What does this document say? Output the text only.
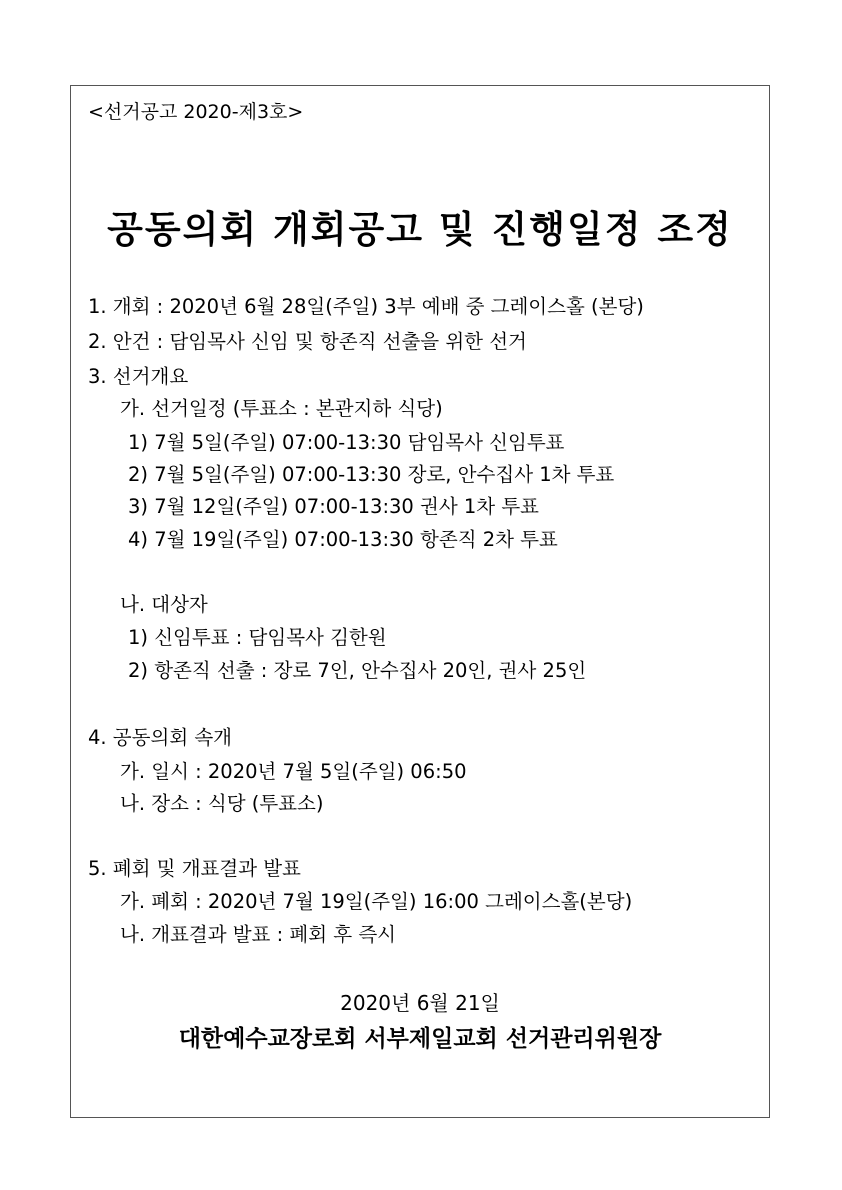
<선거공고 2020-제3호>
공동의회 개회공고 및 진행일정 조정
1. 개회 : 2020년 6월 28일(주일) 3부 예배 중 그레이스홀 (본당)
2. 안건 : 담임목사 신임 및 항존직 선출을 위한 선거
3. 선거개요
가. 선거일정 (투표소 : 본관지하 식당)
1) 7월 5일(주일) 07:00-13:30 담임목사 신임투표
2) 7월 5일(주일) 07:00-13:30 장로, 안수집사 1차 투표
3) 7월 12일(주일) 07:00-13:30 권사 1차 투표
4) 7월 19일(주일) 07:00-13:30 항존직 2차 투표
나. 대상자
1) 신임투표 : 담임목사 김한원
2) 항존직 선출 : 장로 7인, 안수집사 20인, 권사 25인
4. 공동의회 속개
가. 일시 : 2020년 7월 5일(주일) 06:50
나. 장소 : 식당 (투표소)
5. 폐회 및 개표결과 발표
가. 폐회 : 2020년 7월 19일(주일) 16:00 그레이스홀(본당)
나. 개표결과 발표 : 폐회 후 즉시
2020년 6월 21일
대한예수교장로회 서부제일교회 선거관리위원장
